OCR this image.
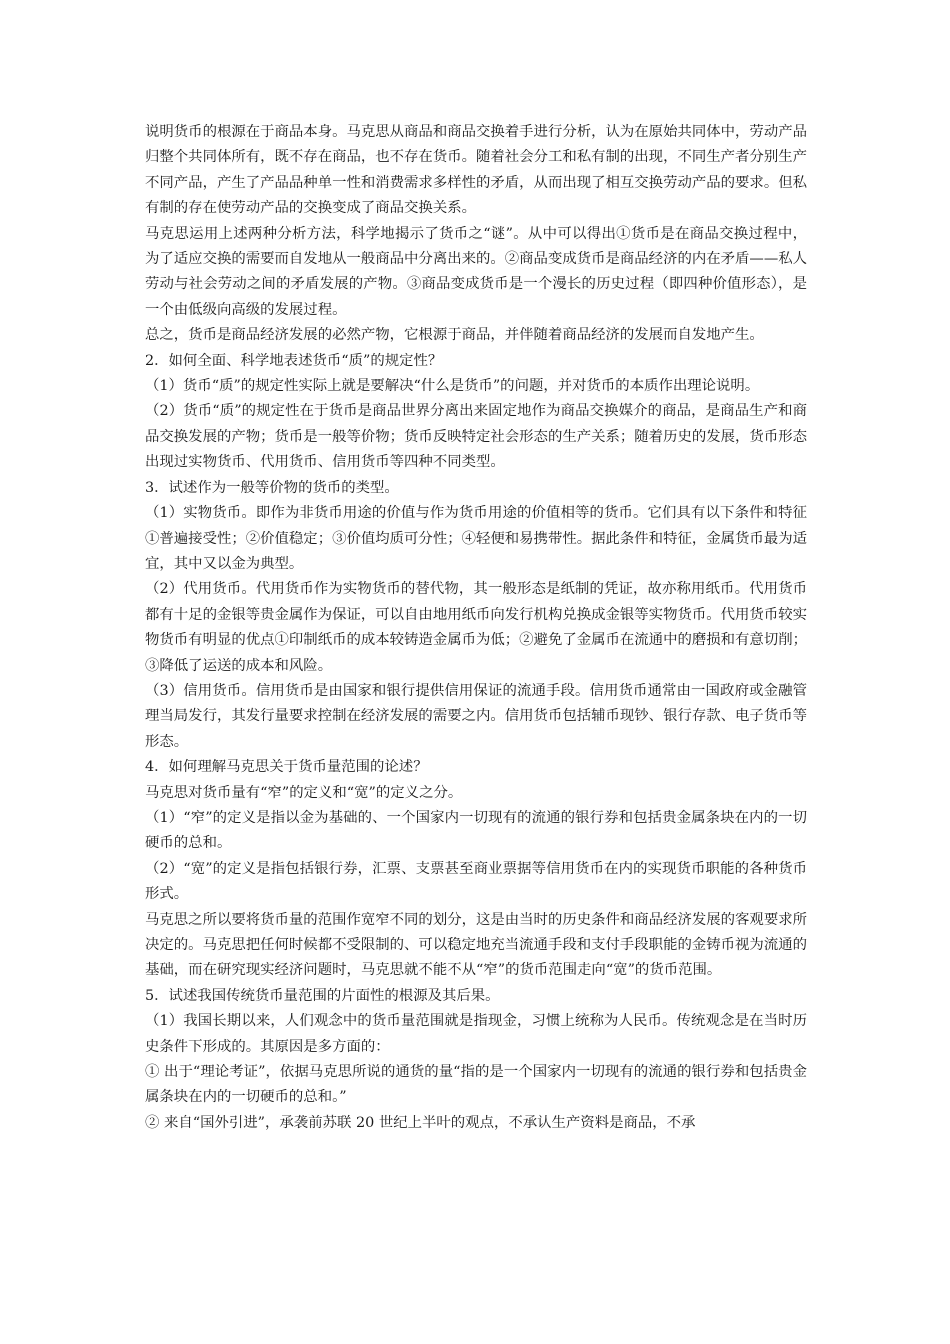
说明货币的根源在于商品本身。马克思从商品和商品交换着手进行分析，认为在原始共同体中，劳动产品归整个共同体所有，既不存在商品，也不存在货币。随着社会分工和私有制的出现，不同生产者分别生产不同产品，产生了产品品种单一性和消费需求多样性的矛盾，从而出现了相互交换劳动产品的要求。但私有制的存在使劳动产品的交换变成了商品交换关系。

马克思运用上述两种分析方法，科学地揭示了货币之“谜”。从中可以得出①货币是在商品交换过程中，为了适应交换的需要而自发地从一般商品中分离出来的。②商品变成货币是商品经济的内在矛盾——私人劳动与社会劳动之间的矛盾发展的产物。③商品变成货币是一个漫长的历史过程（即四种价值形态），是一个由低级向高级的发展过程。

总之，货币是商品经济发展的必然产物，它根源于商品，并伴随着商品经济的发展而自发地产生。

2．如何全面、科学地表述货币“质”的规定性？

（1）货币“质”的规定性实际上就是要解决“什么是货币”的问题，并对货币的本质作出理论说明。

（2）货币“质”的规定性在于货币是商品世界分离出来固定地作为商品交换媒介的商品，是商品生产和商品交换发展的产物；货币是一般等价物；货币反映特定社会形态的生产关系；随着历史的发展，货币形态出现过实物货币、代用货币、信用货币等四种不同类型。

3．试述作为一般等价物的货币的类型。

（1）实物货币。即作为非货币用途的价值与作为货币用途的价值相等的货币。它们具有以下条件和特征①普遍接受性；②价值稳定；③价值均质可分性；④轻便和易携带性。据此条件和特征，金属货币最为适宜，其中又以金为典型。

（2）代用货币。代用货币作为实物货币的替代物，其一般形态是纸制的凭证，故亦称用纸币。代用货币都有十足的金银等贵金属作为保证，可以自由地用纸币向发行机构兑换成金银等实物货币。代用货币较实物货币有明显的优点①印制纸币的成本较铸造金属币为低；②避免了金属币在流通中的磨损和有意切削；③降低了运送的成本和风险。

（3）信用货币。信用货币是由国家和银行提供信用保证的流通手段。信用货币通常由一国政府或金融管理当局发行，其发行量要求控制在经济发展的需要之内。信用货币包括辅币现钞、银行存款、电子货币等形态。

4．如何理解马克思关于货币量范围的论述？

马克思对货币量有“窄”的定义和“宽”的定义之分。

（1）“窄”的定义是指以金为基础的、一个国家内一切现有的流通的银行券和包括贵金属条块在内的一切硬币的总和。

（2）“宽”的定义是指包括银行券，汇票、支票甚至商业票据等信用货币在内的实现货币职能的各种货币形式。

马克思之所以要将货币量的范围作宽窄不同的划分，这是由当时的历史条件和商品经济发展的客观要求所决定的。马克思把任何时候都不受限制的、可以稳定地充当流通手段和支付手段职能的金铸币视为流通的基础，而在研究现实经济问题时，马克思就不能不从“窄”的货币范围走向“宽”的货币范围。

5．试述我国传统货币量范围的片面性的根源及其后果。

（1）我国长期以来，人们观念中的货币量范围就是指现金，习惯上统称为人民币。传统观念是在当时历史条件下形成的。其原因是多方面的：

① 出于“理论考证”，依据马克思所说的通货的量“指的是一个国家内一切现有的流通的银行券和包括贵金属条块在内的一切硬币的总和。”

② 来自“国外引进”，承袭前苏联 20 世纪上半叶的观点，不承认生产资料是商品，不承
